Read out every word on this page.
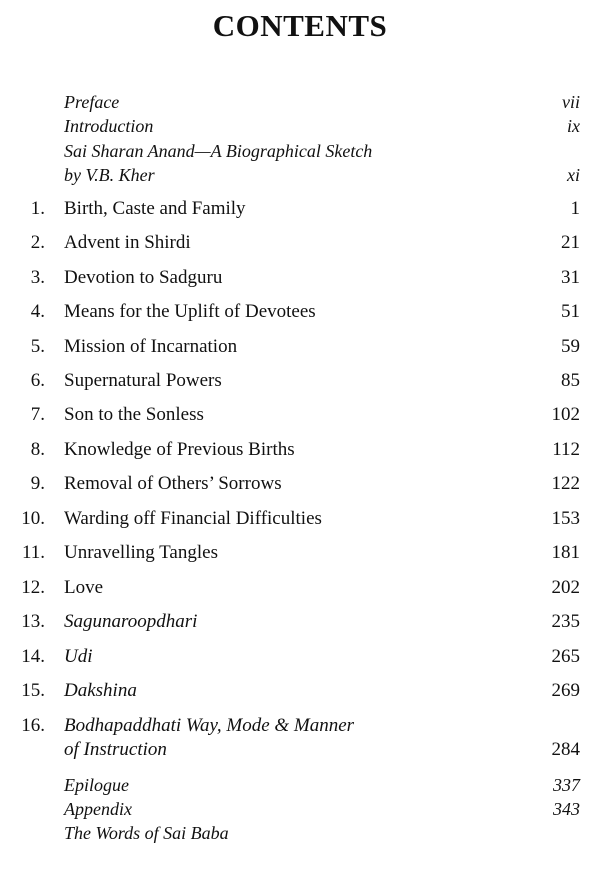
CONTENTS
Preface	vii
Introduction	ix
Sai Sharan Anand—A Biographical Sketch
by V.B. Kher	xi
1. Birth, Caste and Family	1
2. Advent in Shirdi	21
3. Devotion to Sadguru	31
4. Means for the Uplift of Devotees	51
5. Mission of Incarnation	59
6. Supernatural Powers	85
7. Son to the Sonless	102
8. Knowledge of Previous Births	112
9. Removal of Others’ Sorrows	122
10. Warding off Financial Difficulties	153
11. Unravelling Tangles	181
12. Love	202
13. Sagunaroopdhari	235
14. Udi	265
15. Dakshina	269
16. Bodhapaddhati Way, Mode & Manner
of Instruction	284
Epilogue	337
Appendix	343
The Words of Sai Baba
